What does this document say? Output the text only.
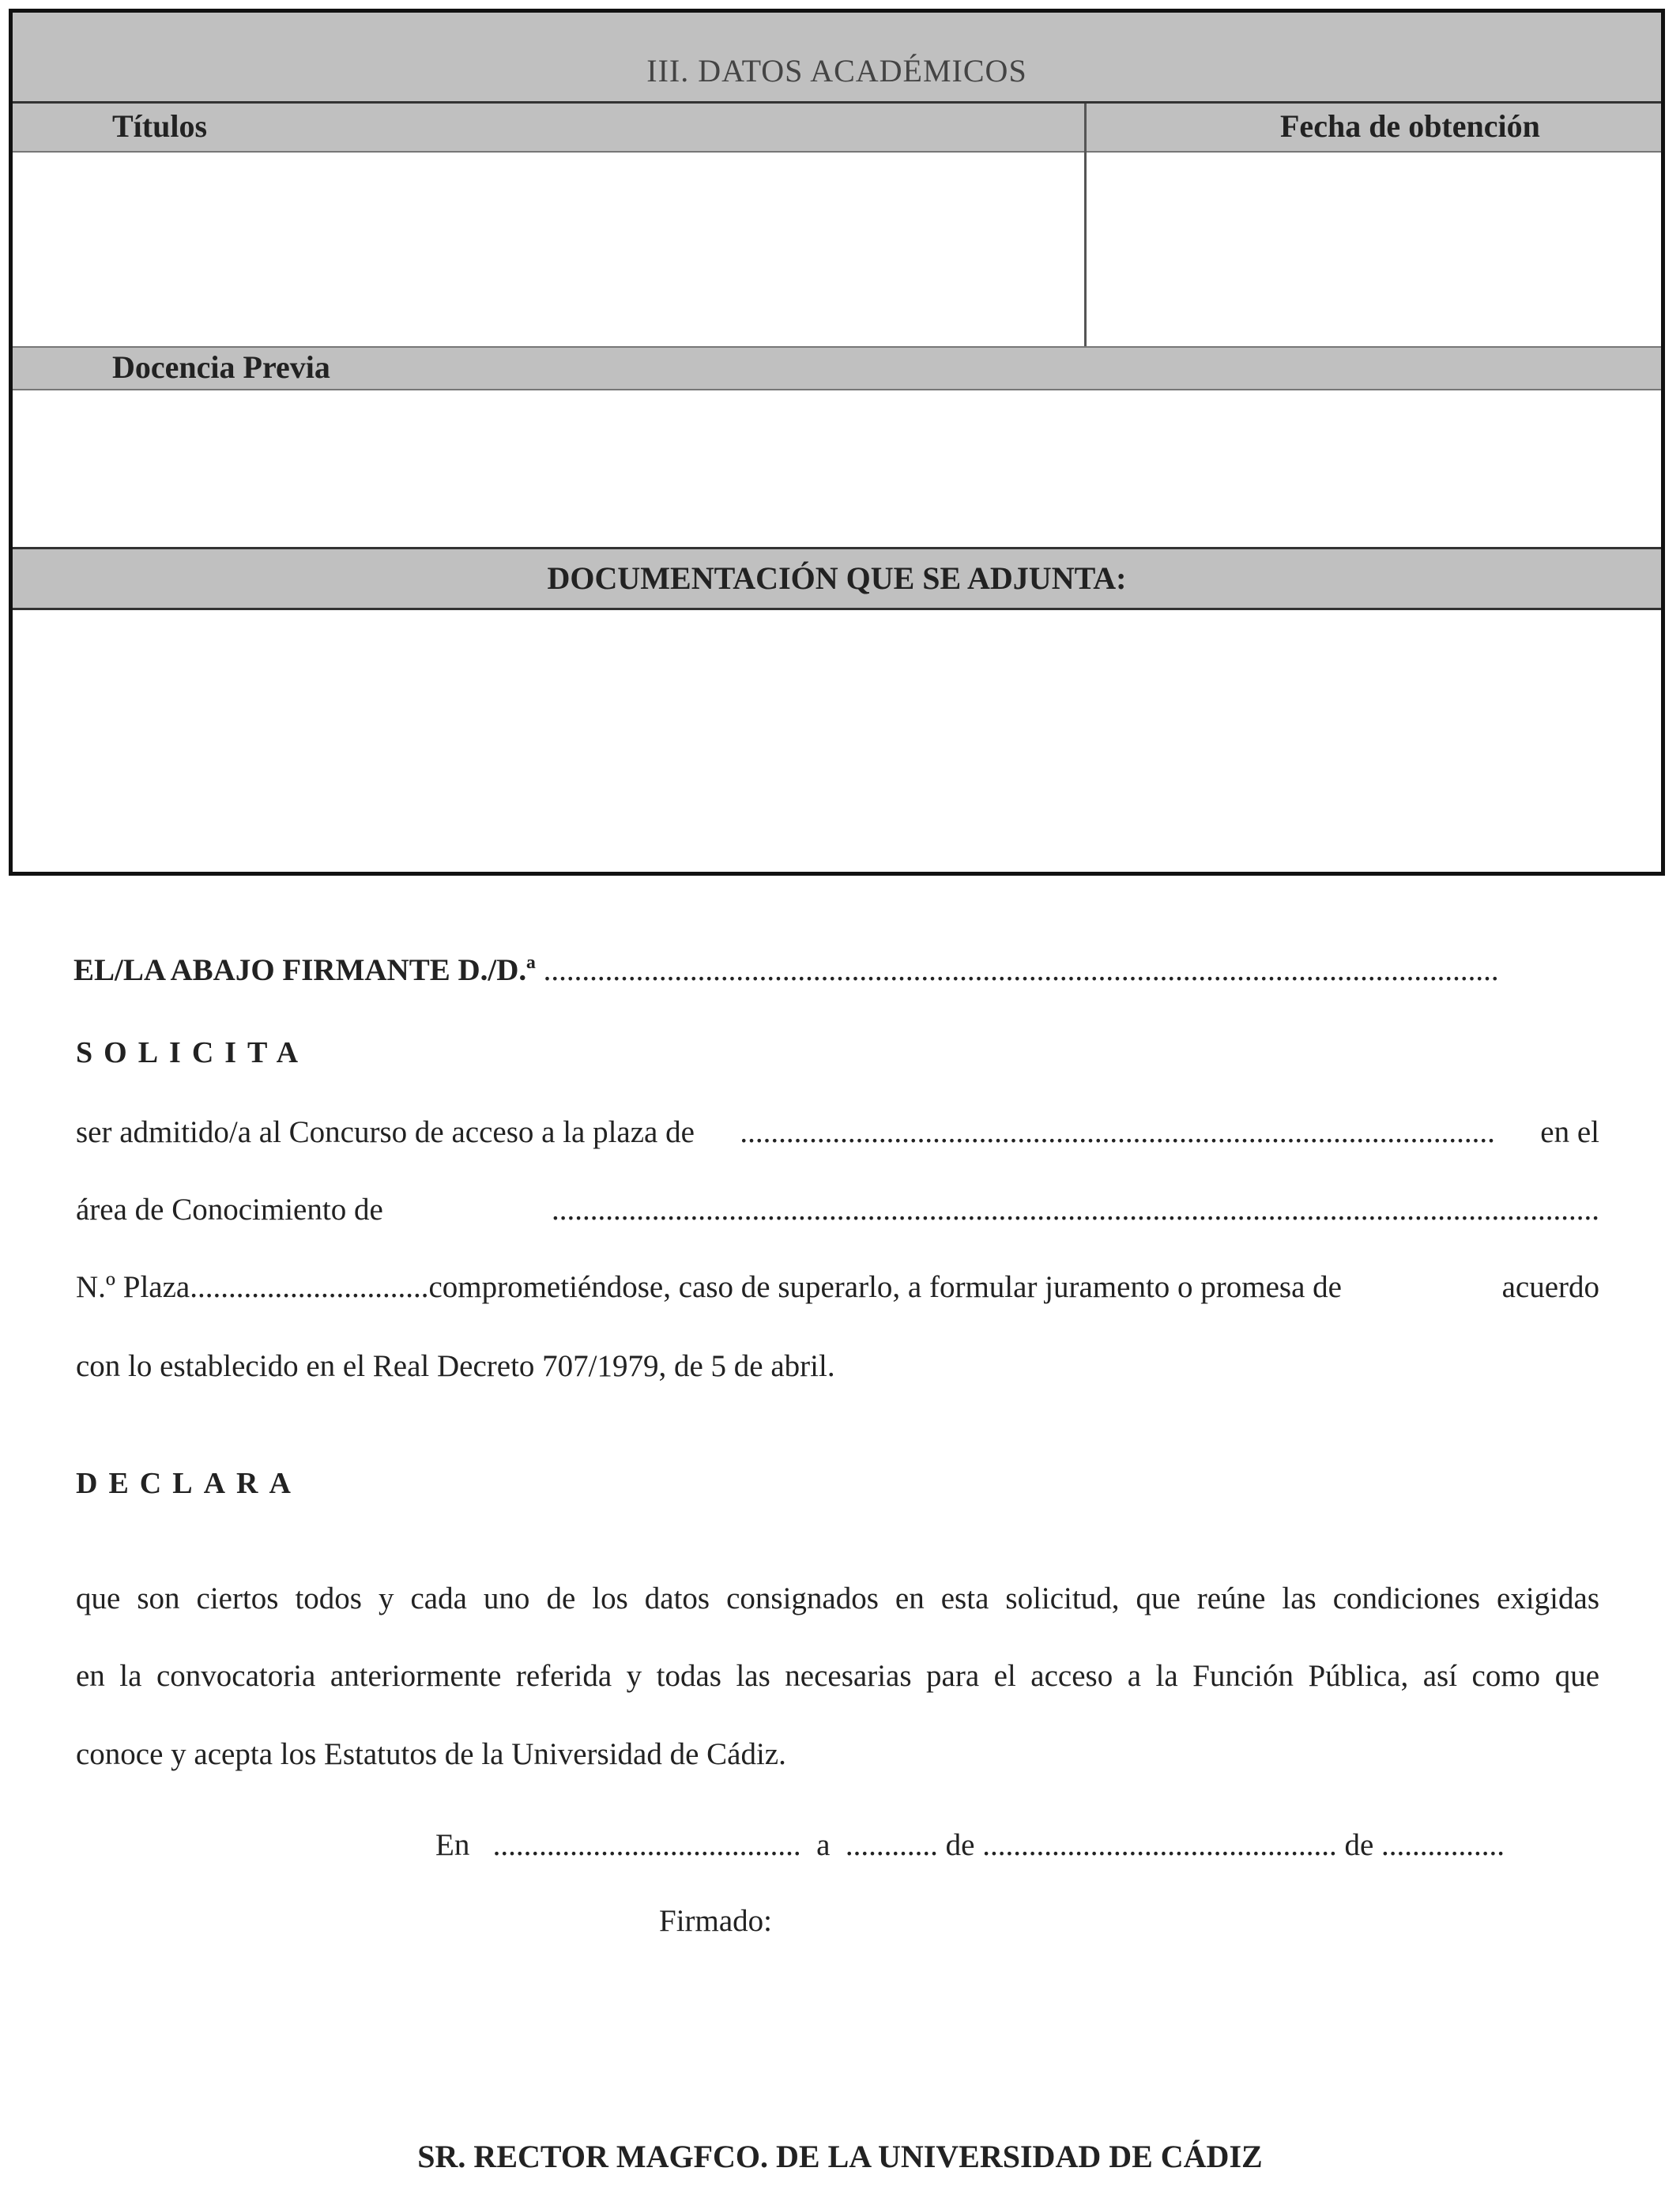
III. DATOS ACADÉMICOS
Títulos	Fecha de obtención
Docencia Previa
DOCUMENTACIÓN QUE SE ADJUNTA:
EL/LA ABAJO FIRMANTE D./D.ª ............................................................................................................................
SOLICITA
ser admitido/a al Concurso de acceso a la plaza de .................................................................................................. en el
área de Conocimiento de	........................................................................................................................................
N.º Plaza...............................comprometiéndose, caso de superarlo, a formular juramento o promesa de	acuerdo
con lo establecido en el Real Decreto 707/1979, de 5 de abril.
DECLARA
que son ciertos todos y cada uno de los datos consignados en esta solicitud, que reúne las condiciones exigidas
en la convocatoria anteriormente referida y todas las necesarias para el acceso a la Función Pública, así como que
conoce y acepta los Estatutos de la Universidad de Cádiz.
En   ........................................  a  ............ de .............................................. de ................
Firmado:
SR. RECTOR MAGFCO. DE LA UNIVERSIDAD DE CÁDIZ
